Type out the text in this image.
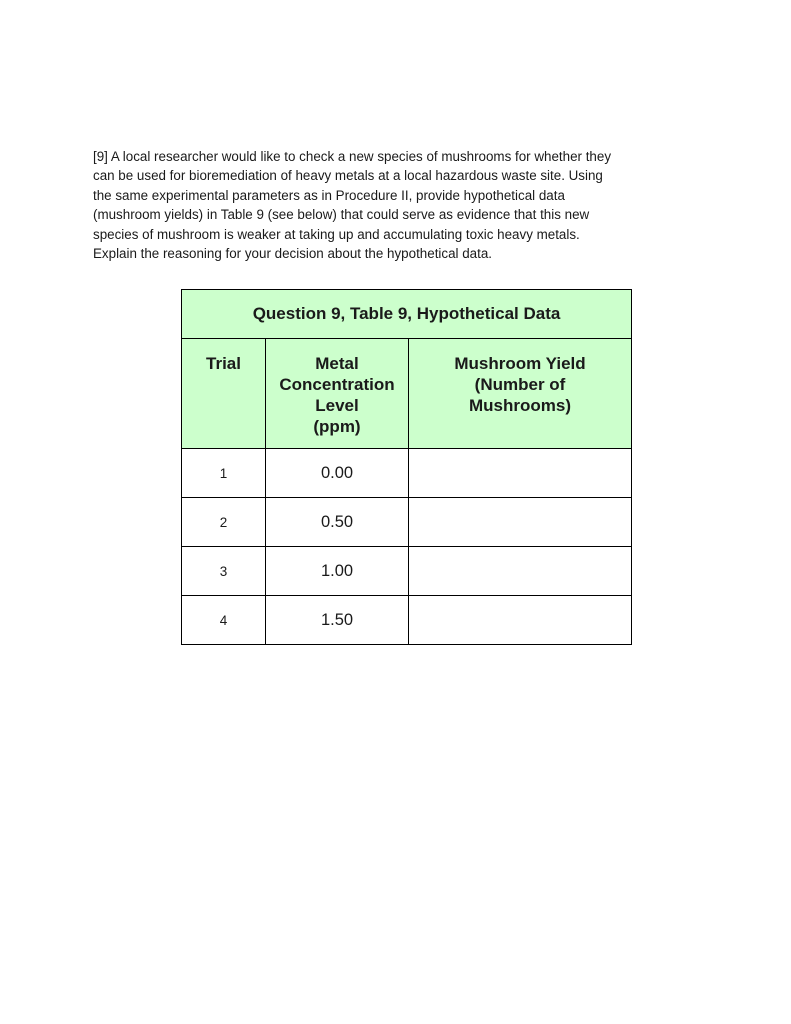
[9] A local researcher would like to check a new species of mushrooms for whether they
can be used for bioremediation of heavy metals at a local hazardous waste site. Using
the same experimental parameters as in Procedure II, provide hypothetical data
(mushroom yields) in Table 9 (see below) that could serve as evidence that this new
species of mushroom is weaker at taking up and accumulating toxic heavy metals.
Explain the reasoning for your decision about the hypothetical data.

Question 9, Table 9, Hypothetical Data		

Trial	Metal
Concentration
Level
(ppm)	Mushroom Yield
(Number of
Mushrooms)

1	0.00	
2	0.50	
3	1.00	
4	1.50	
